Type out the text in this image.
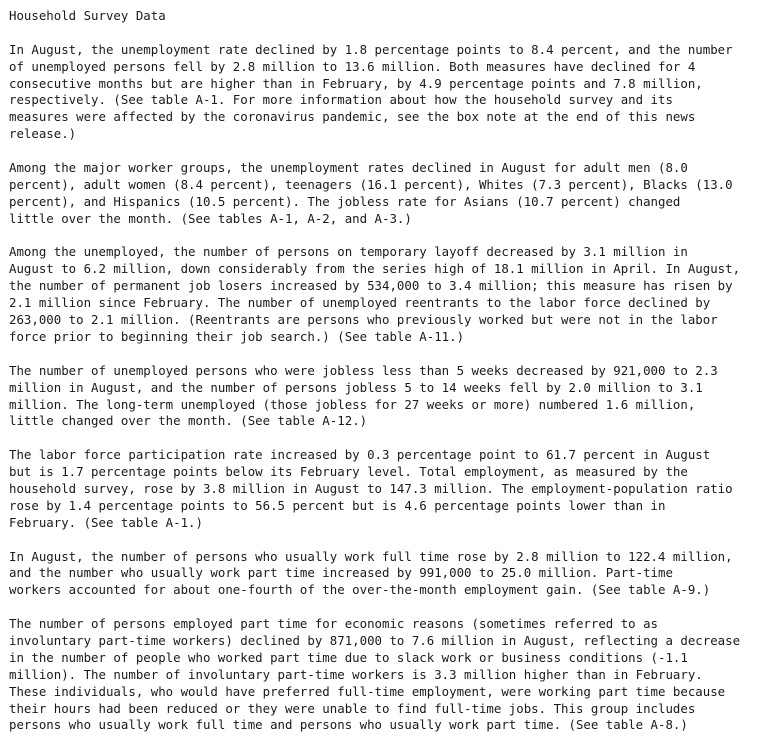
Household Survey Data
In August, the unemployment rate declined by 1.8 percentage points to 8.4 percent, and the number
of unemployed persons fell by 2.8 million to 13.6 million. Both measures have declined for 4
consecutive months but are higher than in February, by 4.9 percentage points and 7.8 million,
respectively. (See table A-1. For more information about how the household survey and its
measures were affected by the coronavirus pandemic, see the box note at the end of this news
release.)
Among the major worker groups, the unemployment rates declined in August for adult men (8.0
percent), adult women (8.4 percent), teenagers (16.1 percent), Whites (7.3 percent), Blacks (13.0
percent), and Hispanics (10.5 percent). The jobless rate for Asians (10.7 percent) changed
little over the month. (See tables A-1, A-2, and A-3.)
Among the unemployed, the number of persons on temporary layoff decreased by 3.1 million in
August to 6.2 million, down considerably from the series high of 18.1 million in April. In August,
the number of permanent job losers increased by 534,000 to 3.4 million; this measure has risen by
2.1 million since February. The number of unemployed reentrants to the labor force declined by
263,000 to 2.1 million. (Reentrants are persons who previously worked but were not in the labor
force prior to beginning their job search.) (See table A-11.)
The number of unemployed persons who were jobless less than 5 weeks decreased by 921,000 to 2.3
million in August, and the number of persons jobless 5 to 14 weeks fell by 2.0 million to 3.1
million. The long-term unemployed (those jobless for 27 weeks or more) numbered 1.6 million,
little changed over the month. (See table A-12.)
The labor force participation rate increased by 0.3 percentage point to 61.7 percent in August
but is 1.7 percentage points below its February level. Total employment, as measured by the
household survey, rose by 3.8 million in August to 147.3 million. The employment-population ratio
rose by 1.4 percentage points to 56.5 percent but is 4.6 percentage points lower than in
February. (See table A-1.)
In August, the number of persons who usually work full time rose by 2.8 million to 122.4 million,
and the number who usually work part time increased by 991,000 to 25.0 million. Part-time
workers accounted for about one-fourth of the over-the-month employment gain. (See table A-9.)
The number of persons employed part time for economic reasons (sometimes referred to as
involuntary part-time workers) declined by 871,000 to 7.6 million in August, reflecting a decrease
in the number of people who worked part time due to slack work or business conditions (-1.1
million). The number of involuntary part-time workers is 3.3 million higher than in February.
These individuals, who would have preferred full-time employment, were working part time because
their hours had been reduced or they were unable to find full-time jobs. This group includes
persons who usually work full time and persons who usually work part time. (See table A-8.)
